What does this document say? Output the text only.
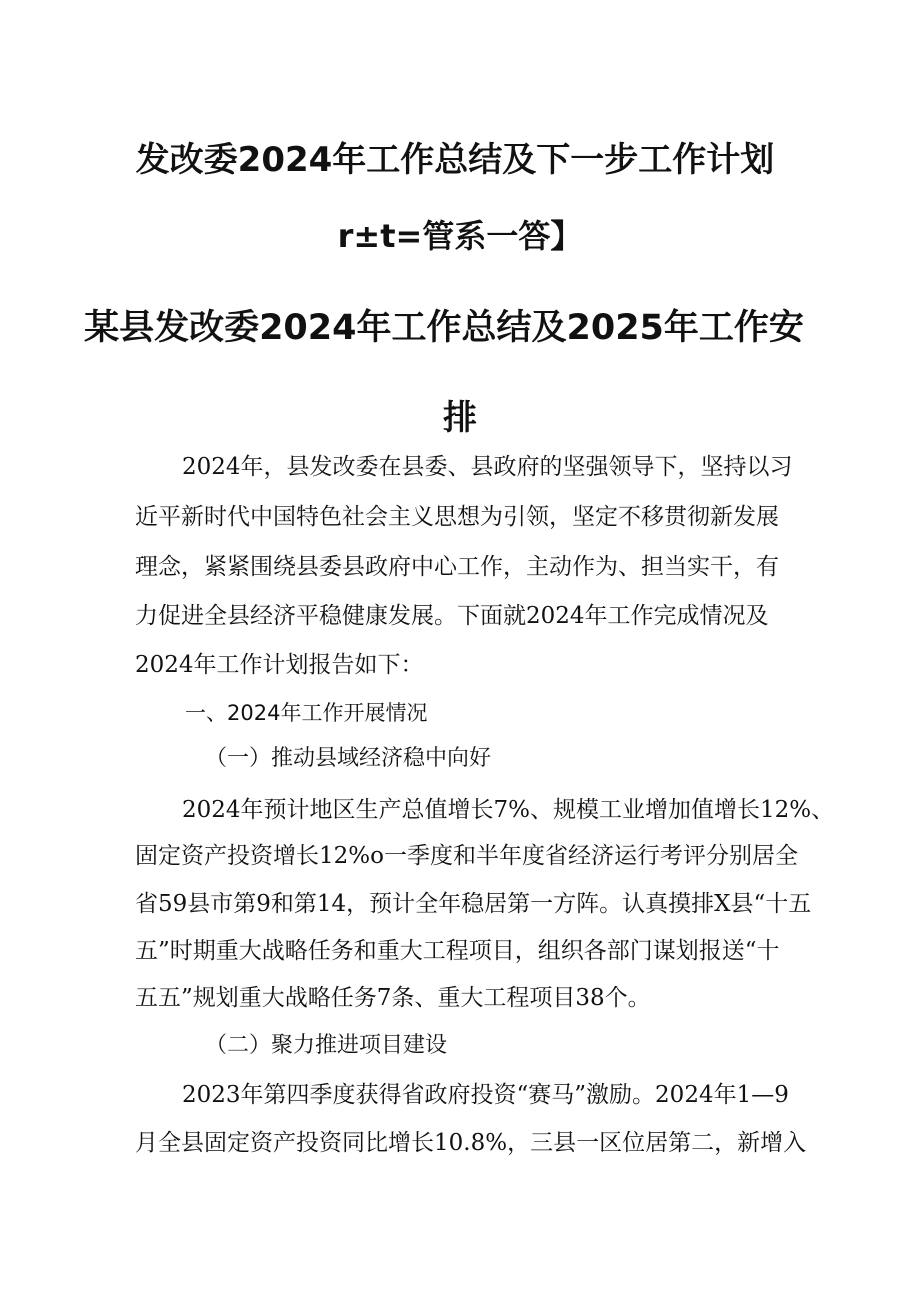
发改委2024年工作总结及下一步工作计划
r±t=管系一答】
某县发改委2024年工作总结及2025年工作安
排
2024年，县发改委在县委、县政府的坚强领导下，坚持以习
近平新时代中国特色社会主义思想为引领，坚定不移贯彻新发展
理念，紧紧围绕县委县政府中心工作，主动作为、担当实干，有
力促进全县经济平稳健康发展。下面就2024年工作完成情况及
2024年工作计划报告如下：
一、2024年工作开展情况
（一）推动县域经济稳中向好
2024年预计地区生产总值增长7%、规模工业增加值增长12%、
固定资产投资增长12%o一季度和半年度省经济运行考评分别居全
省59县市第9和第14，预计全年稳居第一方阵。认真摸排X县“十五
五”时期重大战略任务和重大工程项目，组织各部门谋划报送“十
五五”规划重大战略任务7条、重大工程项目38个。
（二）聚力推进项目建设
2023年第四季度获得省政府投资“赛马”激励。2024年1—9
月全县固定资产投资同比增长10.8%，三县一区位居第二，新增入
